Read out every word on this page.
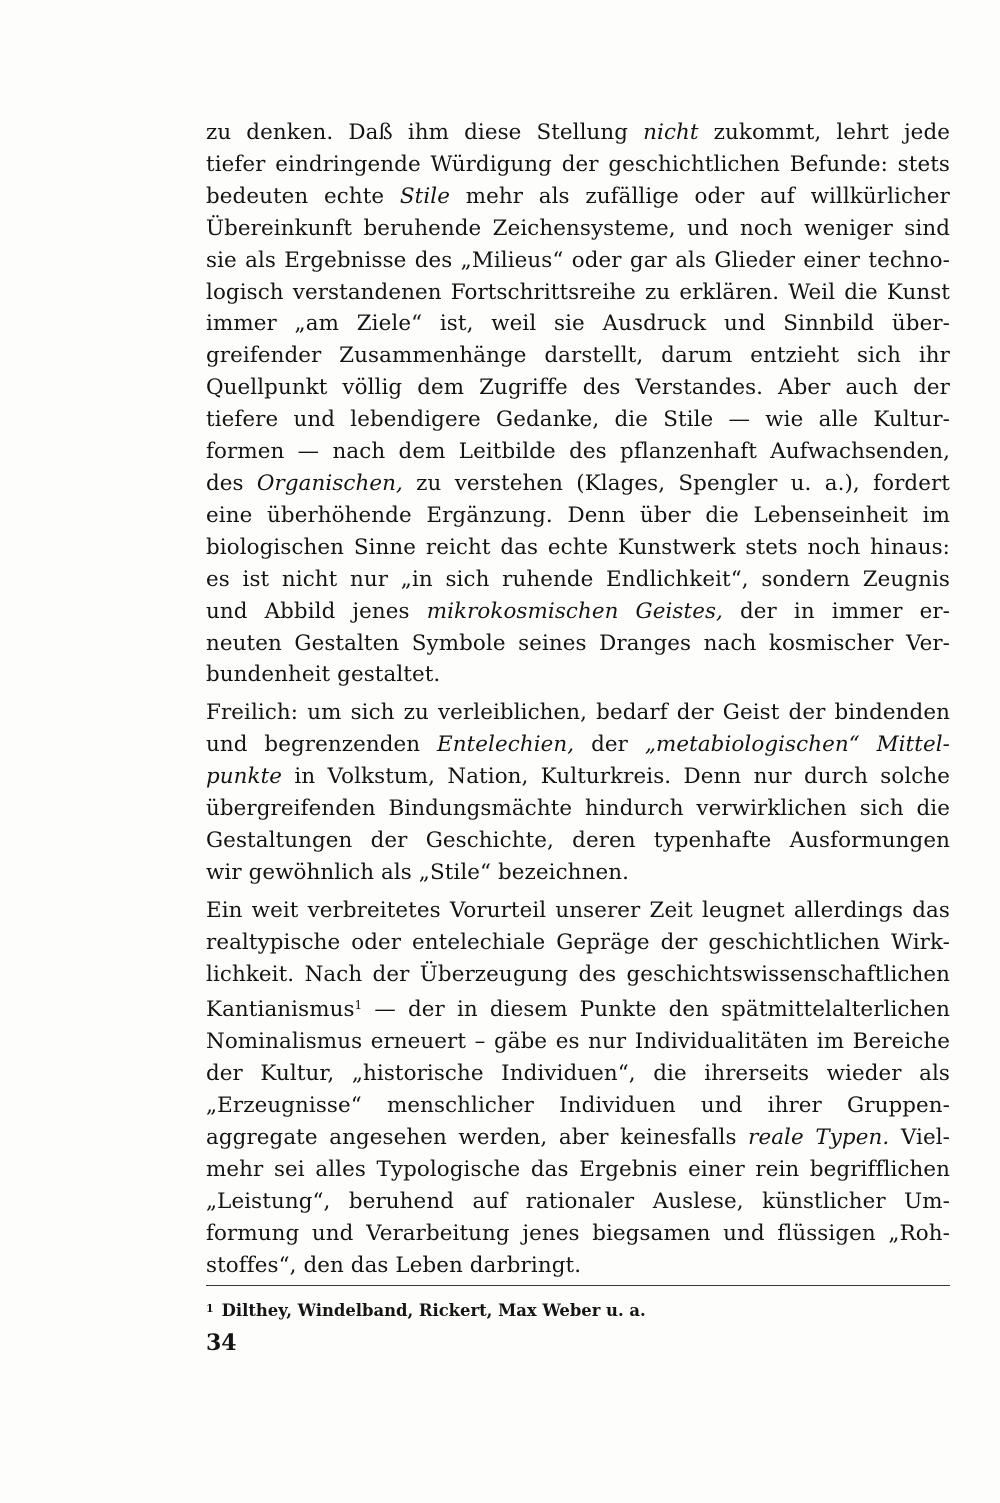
zu denken. Daß ihm diese Stellung nicht zukommt, lehrt jede
tiefer eindringende Würdigung der geschichtlichen Befunde: stets
bedeuten echte Stile mehr als zufällige oder auf willkürlicher
Übereinkunft beruhende Zeichensysteme, und noch weniger sind
sie als Ergebnisse des „Milieus“ oder gar als Glieder einer techno-
logisch verstandenen Fortschrittsreihe zu erklären. Weil die Kunst
immer „am Ziele“ ist, weil sie Ausdruck und Sinnbild über-
greifender Zusammenhänge darstellt, darum entzieht sich ihr
Quellpunkt völlig dem Zugriffe des Verstandes. Aber auch der
tiefere und lebendigere Gedanke, die Stile — wie alle Kultur-
formen — nach dem Leitbilde des pflanzenhaft Aufwachsenden,
des Organischen, zu verstehen (Klages, Spengler u. a.), fordert
eine überhöhende Ergänzung. Denn über die Lebenseinheit im
biologischen Sinne reicht das echte Kunstwerk stets noch hinaus:
es ist nicht nur „in sich ruhende Endlichkeit“, sondern Zeugnis
und Abbild jenes mikrokosmischen Geistes, der in immer er-
neuten Gestalten Symbole seines Dranges nach kosmischer Ver-
bundenheit gestaltet.
Freilich: um sich zu verleiblichen, bedarf der Geist der bindenden
und begrenzenden Entelechien, der „metabiologischen“ Mittel-
punkte in Volkstum, Nation, Kulturkreis. Denn nur durch solche
übergreifenden Bindungsmächte hindurch verwirklichen sich die
Gestaltungen der Geschichte, deren typenhafte Ausformungen
wir gewöhnlich als „Stile“ bezeichnen.
Ein weit verbreitetes Vorurteil unserer Zeit leugnet allerdings das
realtypische oder entelechiale Gepräge der geschichtlichen Wirk-
lichkeit. Nach der Überzeugung des geschichtswissenschaftlichen
Kantianismus$^1$ — der in diesem Punkte den spätmittelalterlichen
Nominalismus erneuert – gäbe es nur Individualitäten im Bereiche
der Kultur, „historische Individuen“, die ihrerseits wieder als
„Erzeugnisse“ menschlicher Individuen und ihrer Gruppen-
aggregate angesehen werden, aber keinesfalls reale Typen. Viel-
mehr sei alles Typologische das Ergebnis einer rein begrifflichen
„Leistung“, beruhend auf rationaler Auslese, künstlicher Um-
formung und Verarbeitung jenes biegsamen und flüssigen „Roh-
stoffes“, den das Leben darbringt.
$^1$ Dilthey, Windelband, Rickert, Max Weber u. a.
34
